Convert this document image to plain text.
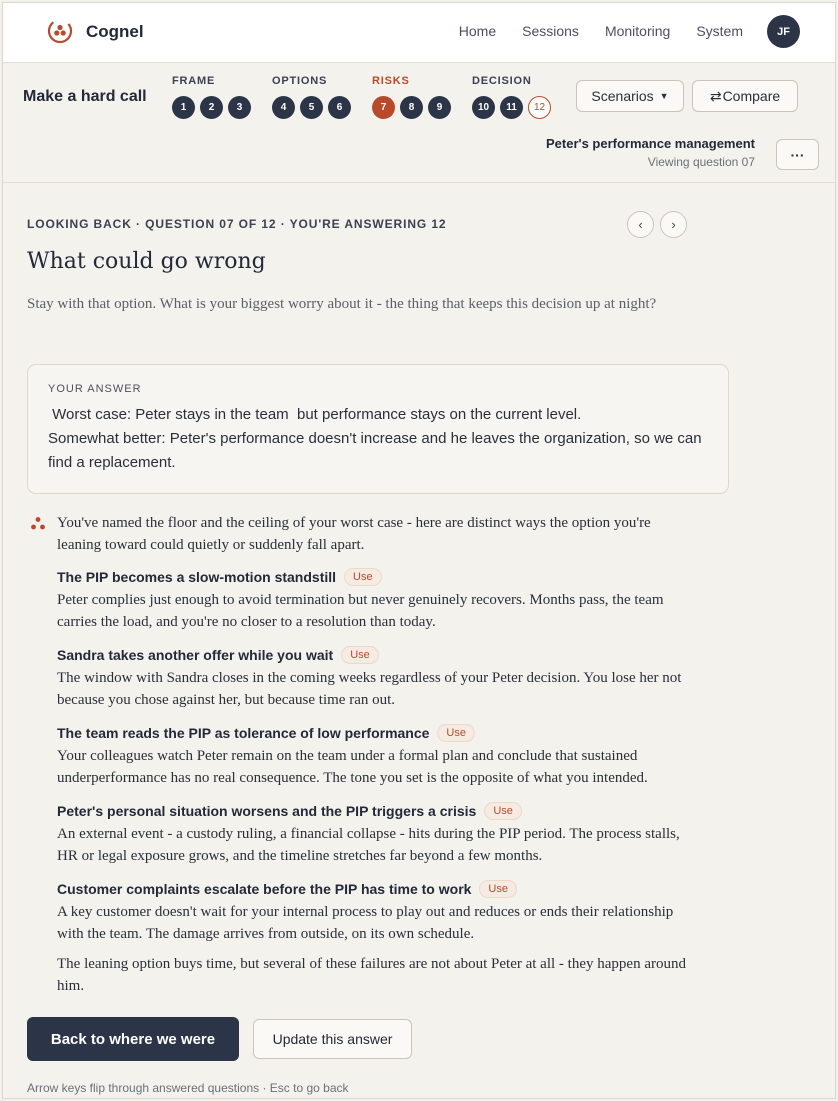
Cognel	Home Sessions Monitoring System	JF
Make a hard call
FRAME
1	2	3
OPTIONS
4	5	6
RISKS
7	8	9
DECISION
10	11	12
Scenarios ▼	⇄ Compare
Peter's performance management
Viewing question 07	···
LOOKING BACK · QUESTION 07 OF 12 · YOU'RE ANSWERING 12	‹	›
What could go wrong
Stay with that option. What is your biggest worry about it - the thing that keeps this decision up at night?
YOUR ANSWER
Worst case: Peter stays in the team  but performance stays on the current level.
Somewhat better: Peter's performance doesn't increase and he leaves the organization, so we can find a replacement.
You've named the floor and the ceiling of your worst case - here are distinct ways the option you're leaning toward could quietly or suddenly fall apart.
The PIP becomes a slow-motion standstill	Use
Peter complies just enough to avoid termination but never genuinely recovers. Months pass, the team carries the load, and you're no closer to a resolution than today.
Sandra takes another offer while you wait	Use
The window with Sandra closes in the coming weeks regardless of your Peter decision. You lose her not because you chose against her, but because time ran out.
The team reads the PIP as tolerance of low performance	Use
Your colleagues watch Peter remain on the team under a formal plan and conclude that sustained underperformance has no real consequence. The tone you set is the opposite of what you intended.
Peter's personal situation worsens and the PIP triggers a crisis	Use
An external event - a custody ruling, a financial collapse - hits during the PIP period. The process stalls, HR or legal exposure grows, and the timeline stretches far beyond a few months.
Customer complaints escalate before the PIP has time to work	Use
A key customer doesn't wait for your internal process to play out and reduces or ends their relationship with the team. The damage arrives from outside, on its own schedule.
The leaning option buys time, but several of these failures are not about Peter at all - they happen around him.
Back to where we were	Update this answer
Arrow keys flip through answered questions · Esc to go back
